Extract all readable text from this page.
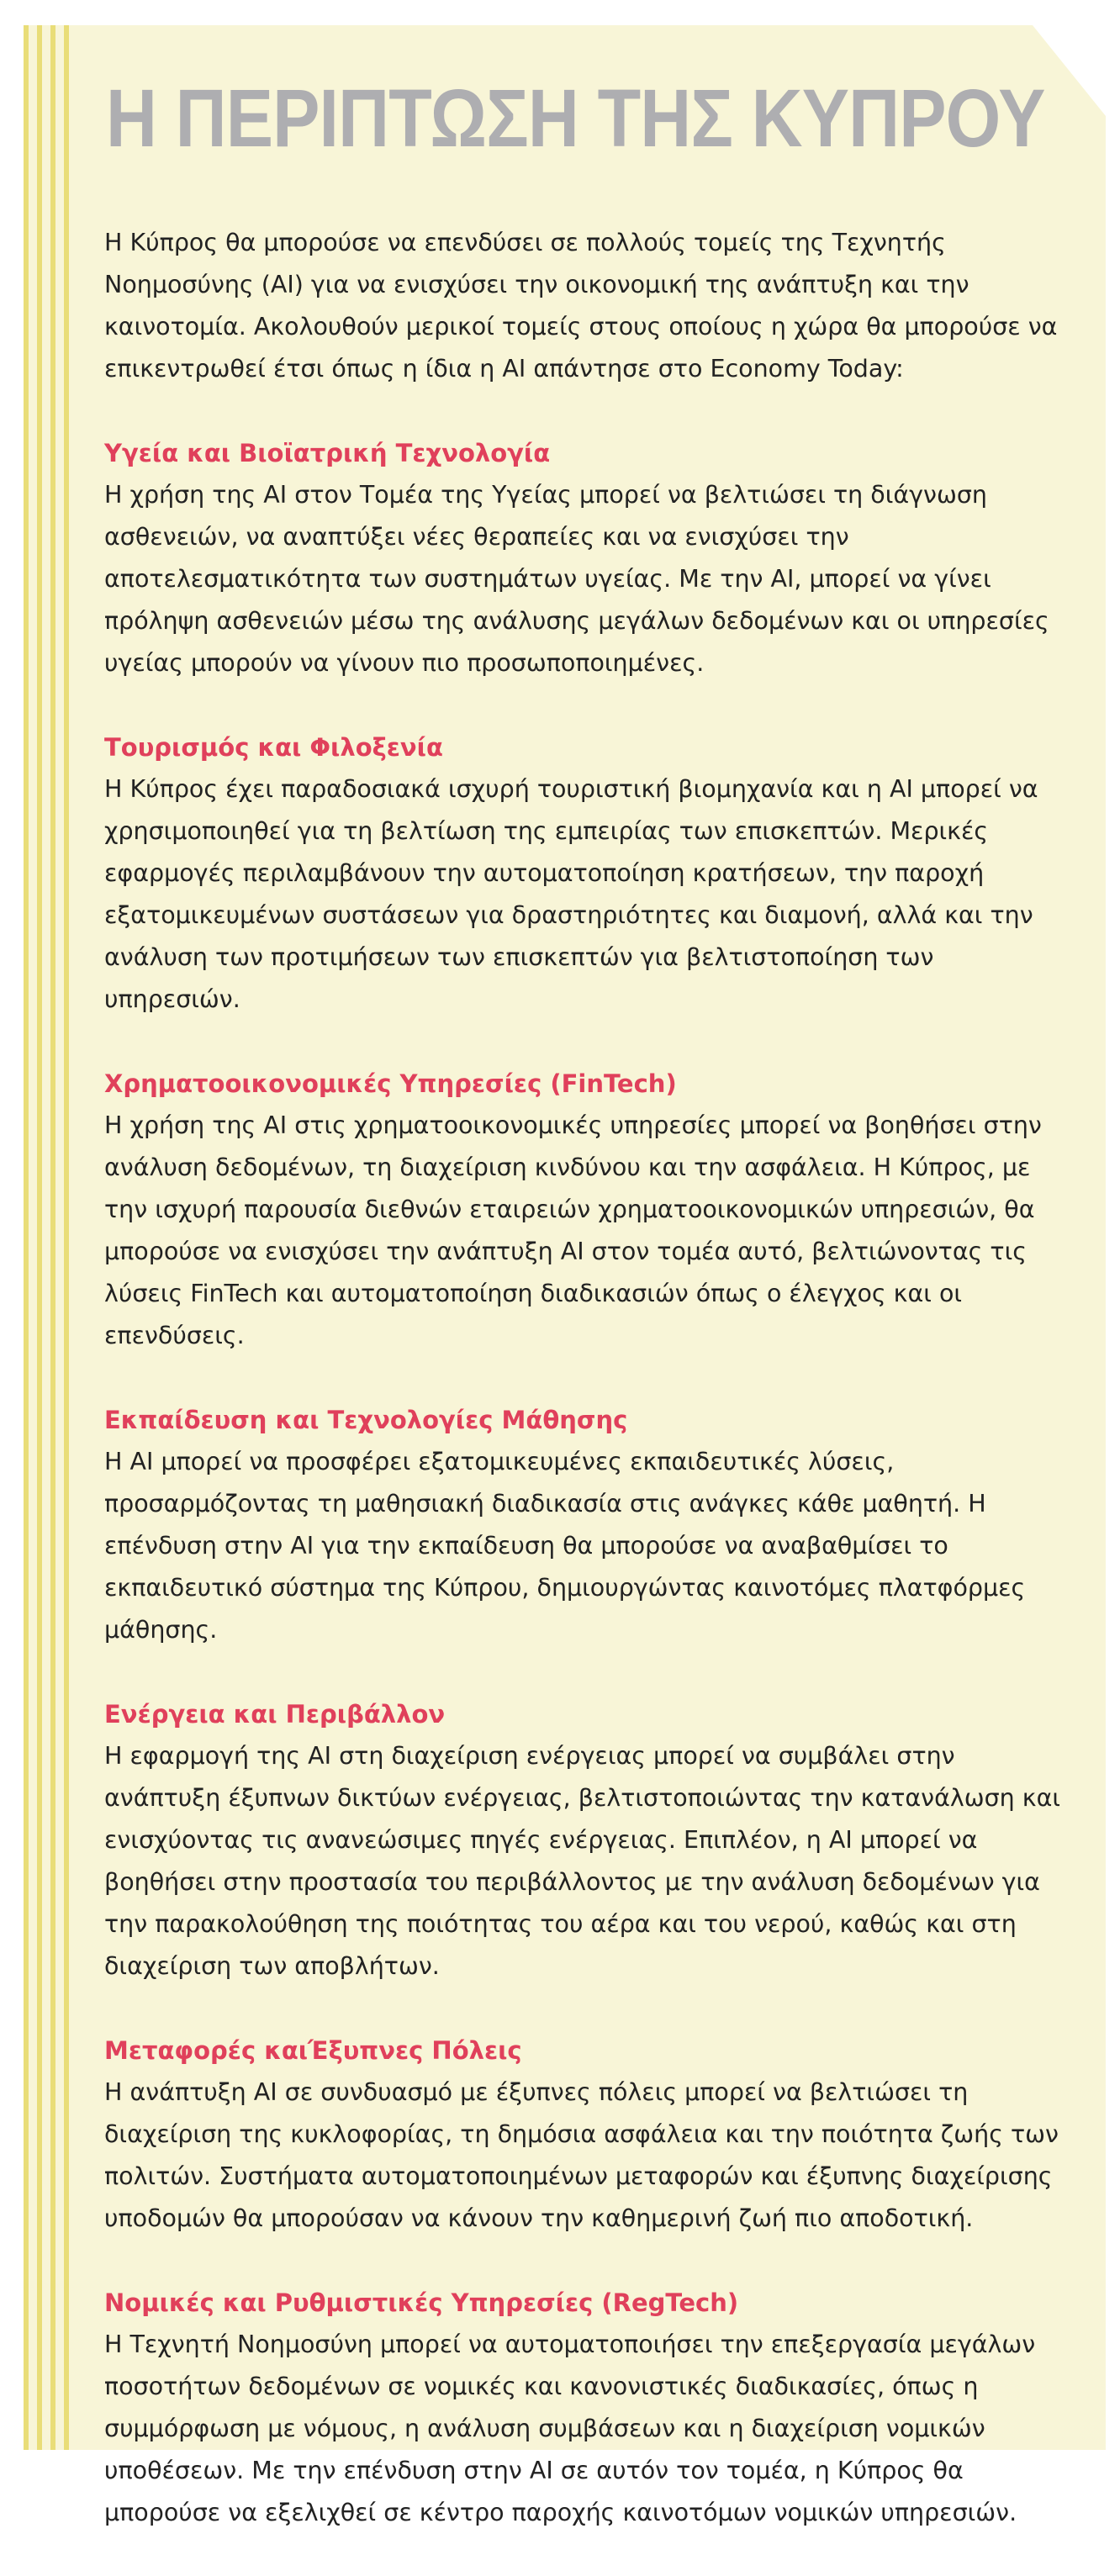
Η ΠΕΡΙΠΤΩΣΗ ΤΗΣ ΚΥΠΡΟΥ

Η Κύπρος θα μπορούσε να επενδύσει σε πολλούς τομείς της Τεχνητής Νοημοσύνης (AI) για να ενισχύσει την οικονομική της ανάπτυξη και την καινοτομία. Ακολουθούν μερικοί τομείς στους οποίους η χώρα θα μπορούσε να επικεντρωθεί έτσι όπως η ίδια η AI απάντησε στο Economy Today:

Υγεία και Βιοϊατρική Τεχνολογία

Η χρήση της AI στον Τομέα της Υγείας μπορεί να βελτιώσει τη διάγνωση ασθενειών, να αναπτύξει νέες θεραπείες και να ενισχύσει την αποτελεσματικότητα των συστημάτων υγείας. Με την AI, μπορεί να γίνει πρόληψη ασθενειών μέσω της ανάλυσης μεγάλων δεδομένων και οι υπηρεσίες υγείας μπορούν να γίνουν πιο προσωποποιημένες.

Τουρισμός και Φιλοξενία

Η Κύπρος έχει παραδοσιακά ισχυρή τουριστική βιομηχανία και η AI μπορεί να χρησιμοποιηθεί για τη βελτίωση της εμπειρίας των επισκεπτών. Μερικές εφαρμογές περιλαμβάνουν την αυτοματοποίηση κρατήσεων, την παροχή εξατομικευμένων συστάσεων για δραστηριότητες και διαμονή, αλλά και την ανάλυση των προτιμήσεων των επισκεπτών για βελτιστοποίηση των υπηρεσιών.

Χρηματοοικονομικές Υπηρεσίες (FinTech)

Η χρήση της AI στις χρηματοοικονομικές υπηρεσίες μπορεί να βοηθήσει στην ανάλυση δεδομένων, τη διαχείριση κινδύνου και την ασφάλεια. Η Κύπρος, με την ισχυρή παρουσία διεθνών εταιρειών χρηματοοικονομικών υπηρεσιών, θα μπορούσε να ενισχύσει την ανάπτυξη AI στον τομέα αυτό, βελτιώνοντας τις λύσεις FinTech και αυτοματοποίηση διαδικασιών όπως ο έλεγχος και οι επενδύσεις.

Εκπαίδευση και Τεχνολογίες Μάθησης

Η AI μπορεί να προσφέρει εξατομικευμένες εκπαιδευτικές λύσεις, προσαρμόζοντας τη μαθησιακή διαδικασία στις ανάγκες κάθε μαθητή. Η επένδυση στην AI για την εκπαίδευση θα μπορούσε να αναβαθμίσει το εκπαιδευτικό σύστημα της Κύπρου, δημιουργώντας καινοτόμες πλατφόρμες μάθησης.

Ενέργεια και Περιβάλλον

Η εφαρμογή της AI στη διαχείριση ενέργειας μπορεί να συμβάλει στην ανάπτυξη έξυπνων δικτύων ενέργειας, βελτιστοποιώντας την κατανάλωση και ενισχύοντας τις ανανεώσιμες πηγές ενέργειας. Επιπλέον, η AI μπορεί να βοηθήσει στην προστασία του περιβάλλοντος με την ανάλυση δεδομένων για την παρακολούθηση της ποιότητας του αέρα και του νερού, καθώς και στη διαχείριση των αποβλήτων.

Μεταφορές καιΈξυπνες Πόλεις

Η ανάπτυξη AI σε συνδυασμό με έξυπνες πόλεις μπορεί να βελτιώσει τη διαχείριση της κυκλοφορίας, τη δημόσια ασφάλεια και την ποιότητα ζωής των πολιτών. Συστήματα αυτοματοποιημένων μεταφορών και έξυπνης διαχείρισης υποδομών θα μπορούσαν να κάνουν την καθημερινή ζωή πιο αποδοτική.

Νομικές και Ρυθμιστικές Υπηρεσίες (RegTech)

Η Τεχνητή Νοημοσύνη μπορεί να αυτοματοποιήσει την επεξεργασία μεγάλων ποσοτήτων δεδομένων σε νομικές και κανονιστικές διαδικασίες, όπως η συμμόρφωση με νόμους, η ανάλυση συμβάσεων και η διαχείριση νομικών υποθέσεων. Με την επένδυση στην AI σε αυτόν τον τομέα, η Κύπρος θα μπορούσε να εξελιχθεί σε κέντρο παροχής καινοτόμων νομικών υπηρεσιών.
